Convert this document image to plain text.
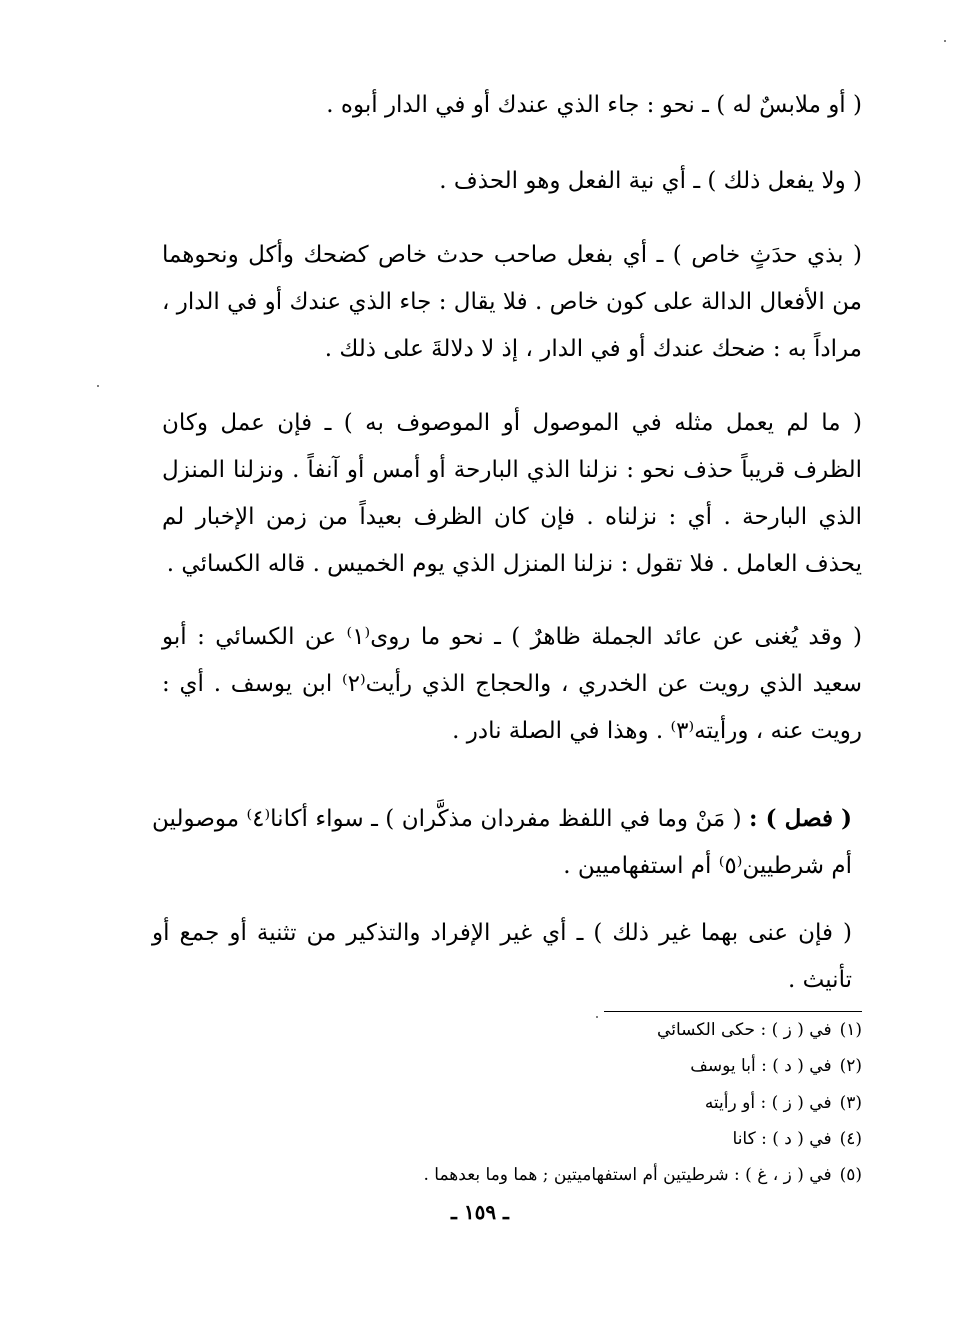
( أو ملابسٌ له ) ـ نحو : جاء الذي عندك أو في الدار أبوه .
( ولا يفعل ذلك ) ـ أي نية الفعل وهو الحذف .
( بذي حدَثٍ خاص ) ـ أي بفعل صاحب حدث خاص كضحك وأكل ونحوهما من الأفعال الدالة على كون خاص . فلا يقال : جاء الذي عندك أو في الدار ، مراداً به : ضحك عندك أو في الدار ، إذ لا دلالةَ على ذلك .
( ما لم يعمل مثله في الموصول أو الموصوف به ) ـ فإن عمل وكان الظرف قريباً حذف نحو : نزلنا الذي البارحة أو أمس أو آنفاً . ونزلنا المنزل الذي البارحة . أي : نزلناه . فإن كان الظرف بعيداً من زمن الإخبار لم يحذف العامل . فلا تقول : نزلنا المنزل الذي يوم الخميس . قاله الكسائي .
( وقد يُغنى عن عائد الجملة ظاهرٌ ) ـ نحو ما روى⁽١⁾ عن الكسائي : أبو سعيد الذي رويت عن الخدري ، والحجاج الذي رأيت⁽٢⁾ ابن يوسف . أي : رويت عنه ، ورأيته⁽٣⁾ . وهذا في الصلة نادر .
( فصل ) : ( مَنْ وما في اللفظ مفردان مذكَّران ) ـ سواء أكانا⁽٤⁾ موصولين أم شرطيين⁽٥⁾ أم استفهاميين .
( فإن عنى بهما غير ذلك ) ـ أي غير الإفراد والتذكير من تثنية أو جمع أو تأنيث .
(١)في ( ز ) : حكى الكسائي
(٢)في ( د ) : أبا يوسف
(٣)في ( ز ) : أو رأيته
(٤)في ( د ) : كانا
(٥)في ( ز ، غ ) : شرطيتين أم استفهاميتين ; هما وما بعدهما .
ـ ١٥٩ ـ
